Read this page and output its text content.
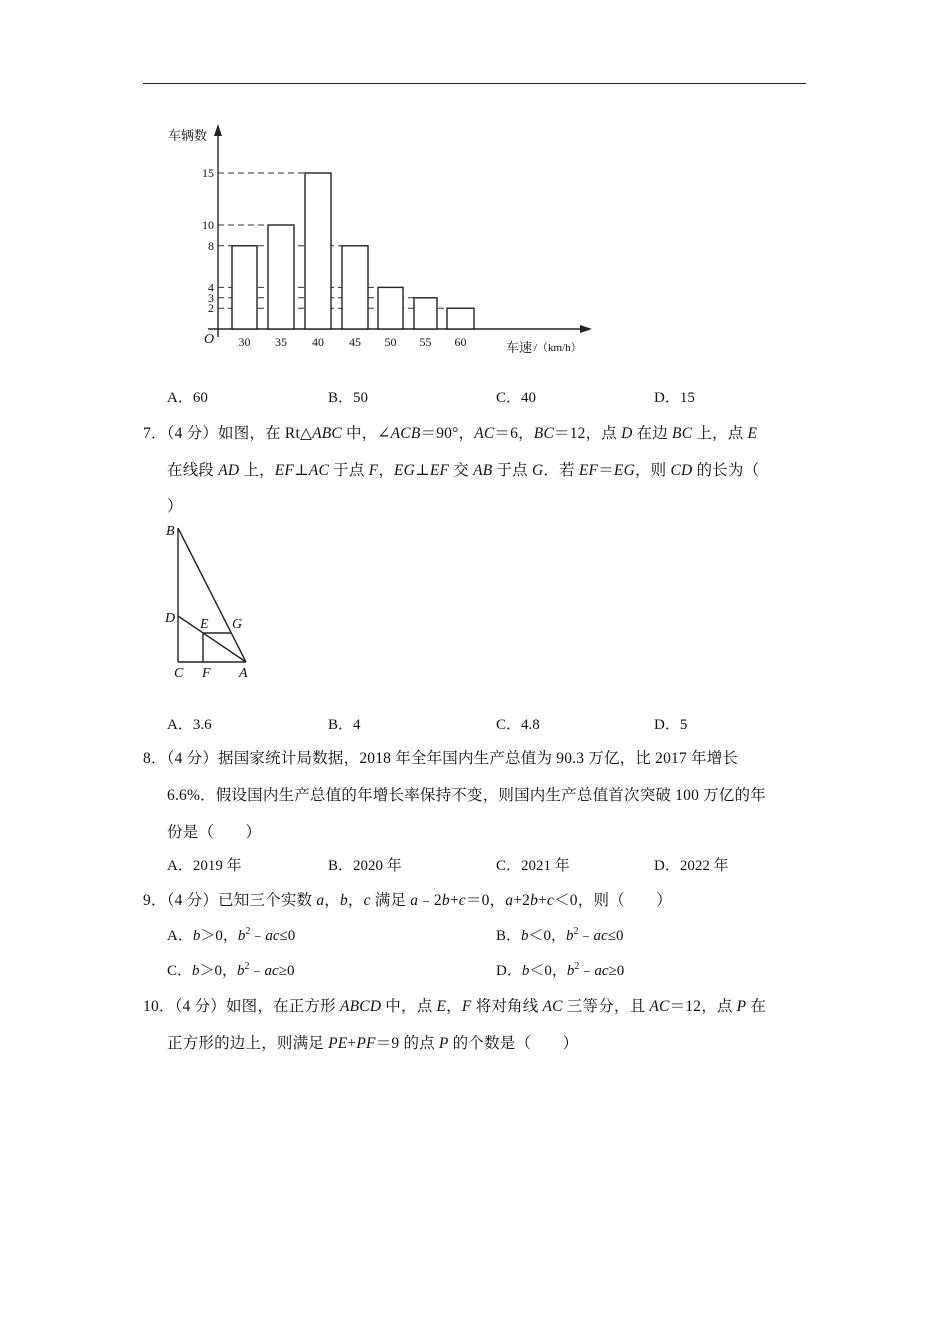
2
3
4
8
10
15
30 35 40 45 50 55 60
O
车辆数
车速 /（km/h）
A．60	B．50	C．40	D．15
7．（4 分）如图，在 Rt△ABC 中，∠ACB＝90°，AC＝6，BC＝12，点 D 在边 BC 上，点 E
在线段 AD 上，EF⊥AC 于点 F，EG⊥EF 交 AB 于点 G．若 EF＝EG，则 CD 的长为（
）
B
D E G
C F A
A．3.6	B．4	C．4.8	D．5
8．（4 分）据国家统计局数据，2018 年全年国内生产总值为 90.3 万亿，比 2017 年增长
6.6%．假设国内生产总值的年增长率保持不变，则国内生产总值首次突破 100 万亿的年
份是（　　）
A．2019 年	B．2020 年	C．2021 年	D．2022 年
9．（4 分）已知三个实数 a，b，c 满足 a﹣2b+c＝0，a+2b+c＜0，则（　　）
A．b＞0，$b^2﹣ac\le 0$	B．b＜0，$b^2﹣ac\le 0$
C．b＞0，$b^2﹣ac\ge 0$	D．b＜0，$b^2﹣ac\ge 0$
10．（4 分）如图，在正方形 ABCD 中，点 E，F 将对角线 AC 三等分，且 AC＝12，点 P 在
正方形的边上，则满足 PE+PF＝9 的点 P 的个数是（　　）
